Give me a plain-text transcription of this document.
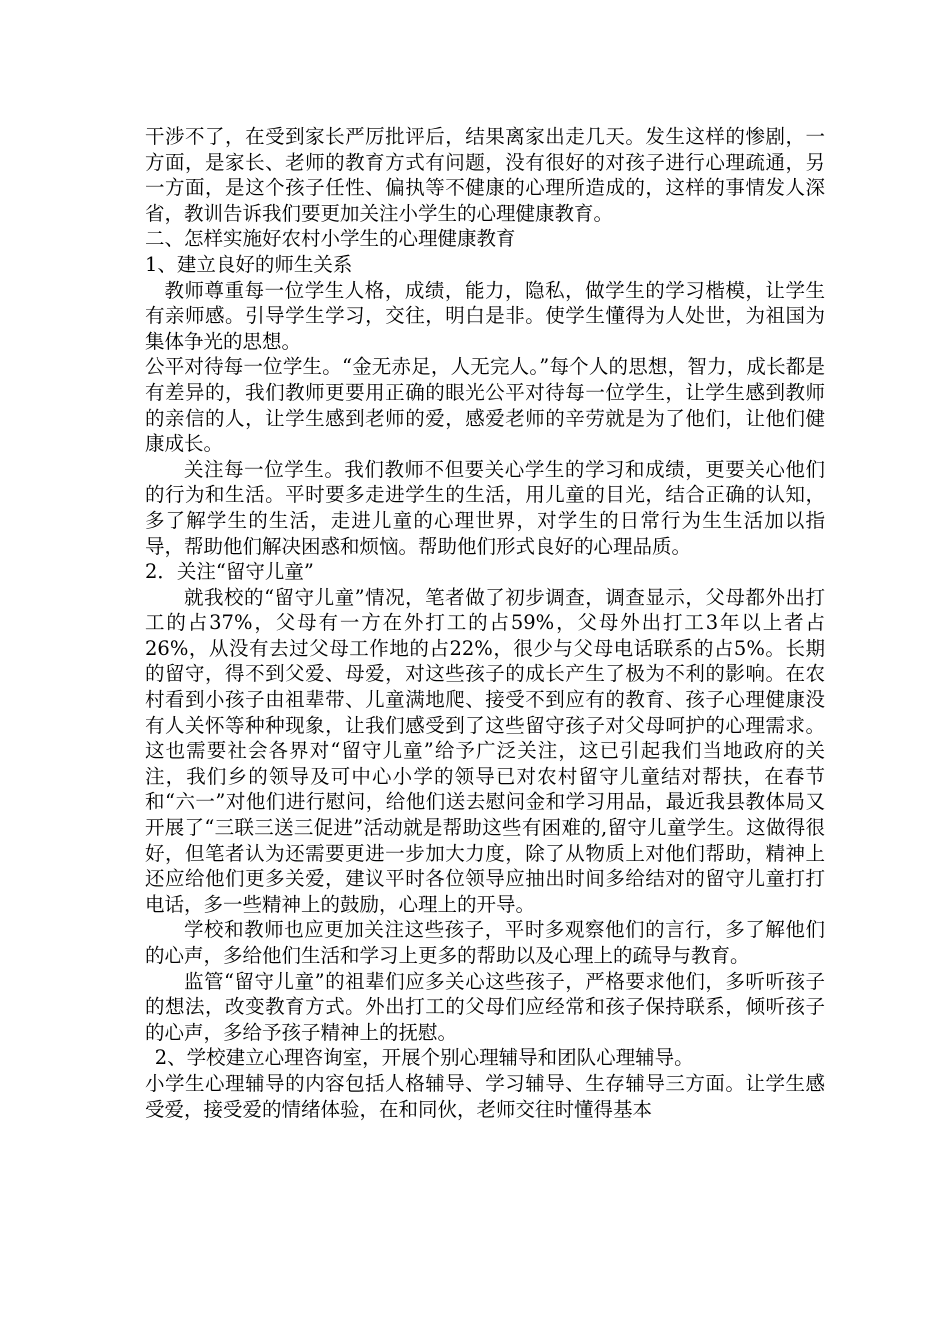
干涉不了，在受到家长严厉批评后，结果离家出走几天。发生这样的惨剧，一方面，是家长、老师的教育方式有问题，没有很好的对孩子进行心理疏通，另一方面，是这个孩子任性、偏执等不健康的心理所造成的，这样的事情发人深省，教训告诉我们要更加关注小学生的心理健康教育。

二、怎样实施好农村小学生的心理健康教育

1、建立良好的师生关系

教师尊重每一位学生人格，成绩，能力，隐私，做学生的学习楷模，让学生有亲师感。引导学生学习，交往，明白是非。使学生懂得为人处世，为祖国为集体争光的思想。

公平对待每一位学生。“金无赤足，人无完人。”每个人的思想，智力，成长都是有差异的，我们教师更要用正确的眼光公平对待每一位学生，让学生感到教师的亲信的人，让学生感到老师的爱，感爱老师的辛劳就是为了他们，让他们健康成长。

关注每一位学生。我们教师不但要关心学生的学习和成绩，更要关心他们的行为和生活。平时要多走进学生的生活，用儿童的目光，结合正确的认知，多了解学生的生活，走进儿童的心理世界，对学生的日常行为生生活加以指导，帮助他们解决困惑和烦恼。帮助他们形式良好的心理品质。

2．关注“留守儿童”

就我校的“留守儿童”情况，笔者做了初步调查，调查显示，父母都外出打工的占37%，父母有一方在外打工的占59%，父母外出打工3年以上者占26%，从没有去过父母工作地的占22%，很少与父母电话联系的占5%。长期的留守，得不到父爱、母爱，对这些孩子的成长产生了极为不利的影响。在农村看到小孩子由祖辈带、儿童满地爬、接受不到应有的教育、孩子心理健康没有人关怀等种种现象，让我们感受到了这些留守孩子对父母呵护的心理需求。这也需要社会各界对“留守儿童”给予广泛关注，这已引起我们当地政府的关注，我们乡的领导及可中心小学的领导已对农村留守儿童结对帮扶，在春节和“六一”对他们进行慰问，给他们送去慰问金和学习用品，最近我县教体局又开展了“三联三送三促进”活动就是帮助这些有困难的,留守儿童学生。这做得很好，但笔者认为还需要更进一步加大力度，除了从物质上对他们帮助，精神上还应给他们更多关爱，建议平时各位领导应抽出时间多给结对的留守儿童打打电话，多一些精神上的鼓励，心理上的开导。

学校和教师也应更加关注这些孩子，平时多观察他们的言行，多了解他们的心声，多给他们生活和学习上更多的帮助以及心理上的疏导与教育。

监管“留守儿童”的祖辈们应多关心这些孩子，严格要求他们，多听听孩子的想法，改变教育方式。外出打工的父母们应经常和孩子保持联系，倾听孩子的心声，多给予孩子精神上的抚慰。

2、学校建立心理咨询室，开展个别心理辅导和团队心理辅导。

小学生心理辅导的内容包括人格辅导、学习辅导、生存辅导三方面。让学生感受爱，接受爱的情绪体验，在和同伙，老师交往时懂得基本
